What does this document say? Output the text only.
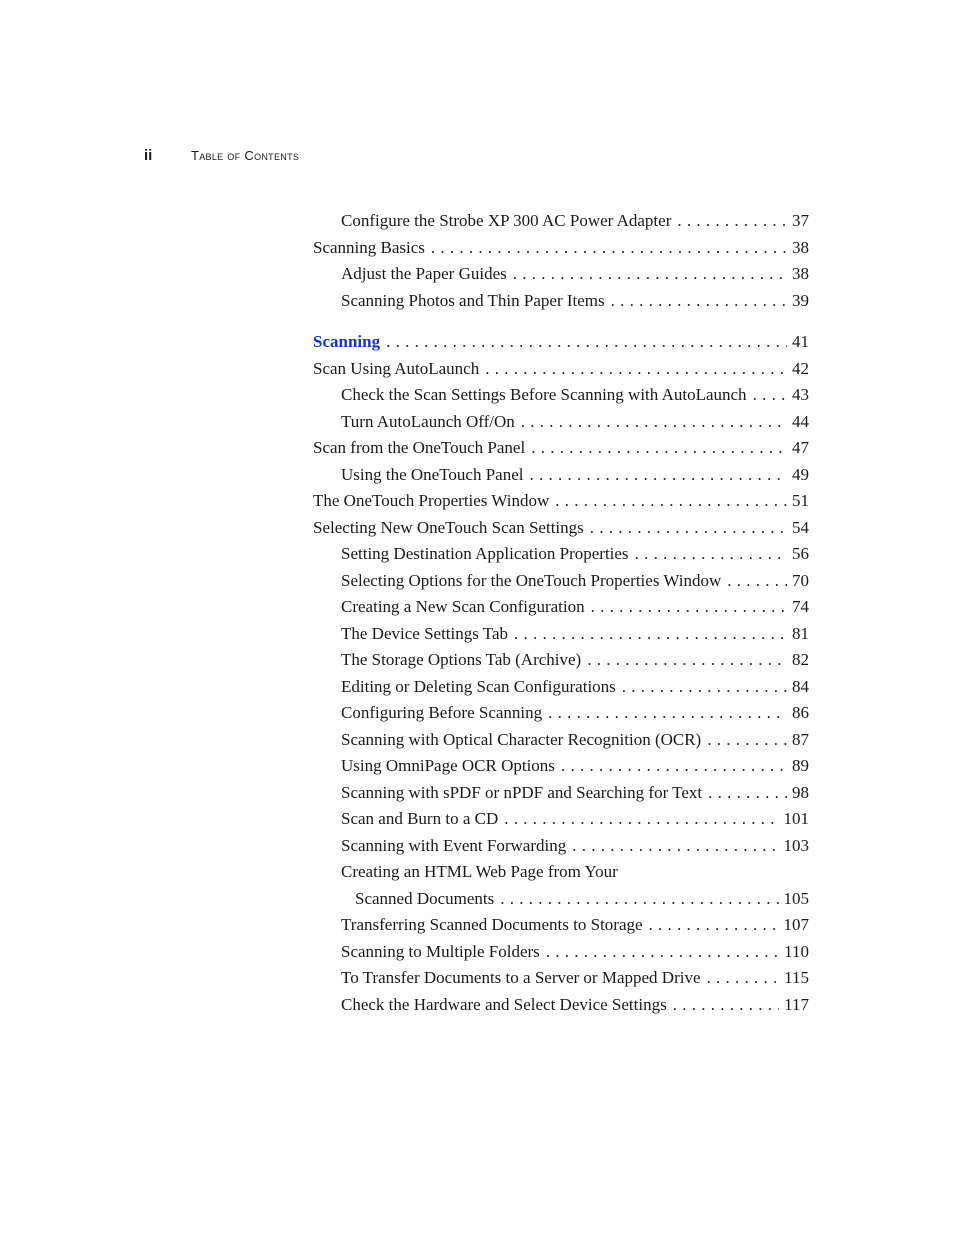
ii	Table of Contents
Configure the Strobe XP 300 AC Power Adapter . . .	37
Scanning Basics . . .	38
Adjust the Paper Guides . . .	38
Scanning Photos and Thin Paper Items . . .	39
Scanning . . .	41
Scan Using AutoLaunch . . .	42
Check the Scan Settings Before Scanning with AutoLaunch . . .	43
Turn AutoLaunch Off/On . . .	44
Scan from the OneTouch Panel . . .	47
Using the OneTouch Panel . . .	49
The OneTouch Properties Window . . .	51
Selecting New OneTouch Scan Settings . . .	54
Setting Destination Application Properties . . .	56
Selecting Options for the OneTouch Properties Window . . .	70
Creating a New Scan Configuration . . .	74
The Device Settings Tab . . .	81
The Storage Options Tab (Archive) . . .	82
Editing or Deleting Scan Configurations . . .	84
Configuring Before Scanning . . .	86
Scanning with Optical Character Recognition (OCR) . . .	87
Using OmniPage OCR Options . . .	89
Scanning with sPDF or nPDF and Searching for Text . . .	98
Scan and Burn to a CD . . .	101
Scanning with Event Forwarding . . .	103
Creating an HTML Web Page from Your
Scanned Documents . . .	105
Transferring Scanned Documents to Storage . . .	107
Scanning to Multiple Folders . . .	110
To Transfer Documents to a Server or Mapped Drive . . .	115
Check the Hardware and Select Device Settings . . .	117
